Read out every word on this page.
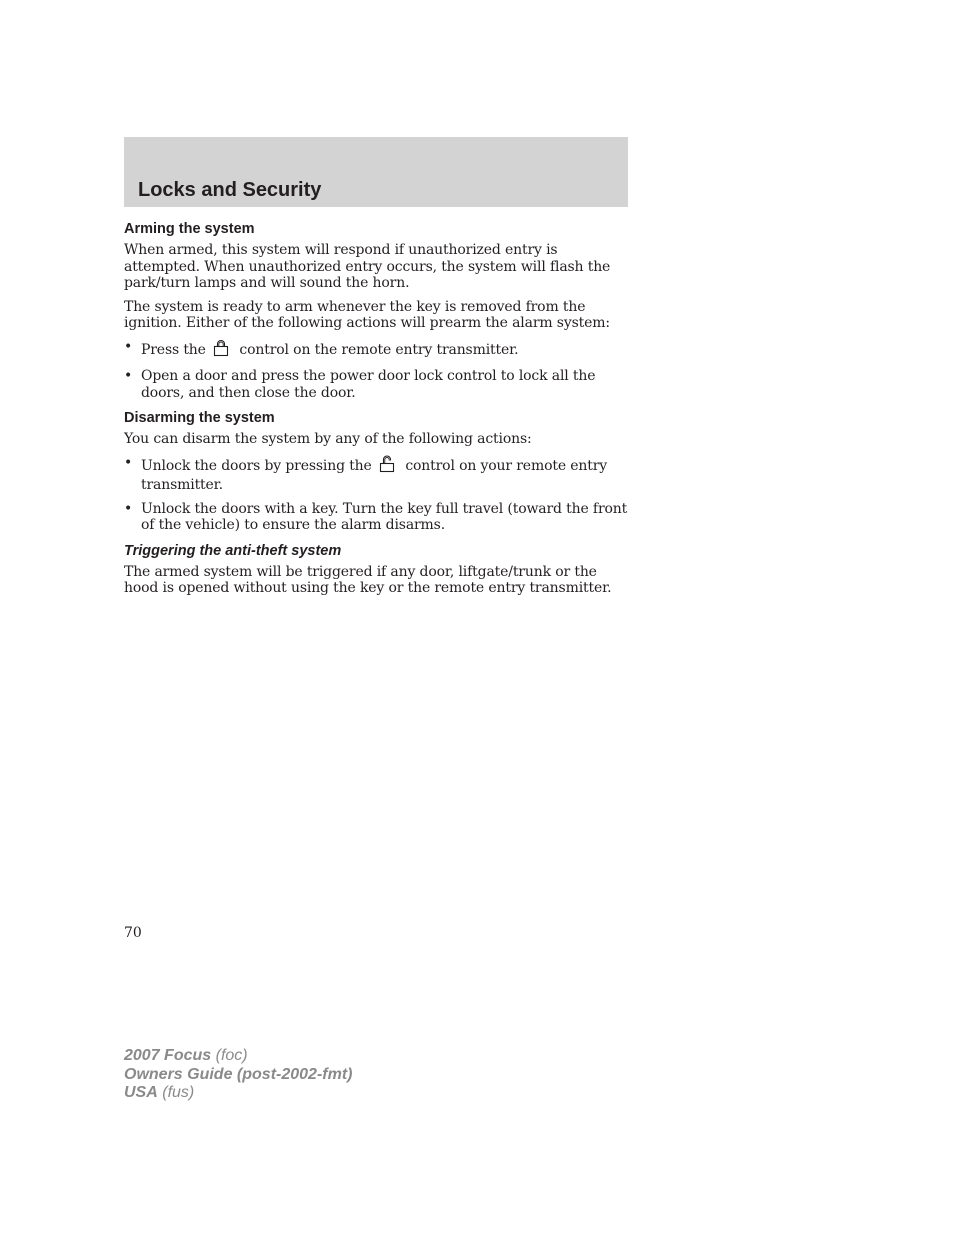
Locks and Security
Arming the system

When armed, this system will respond if unauthorized entry is attempted. When unauthorized entry occurs, the system will flash the park/turn lamps and will sound the horn.

The system is ready to arm whenever the key is removed from the ignition. Either of the following actions will prearm the alarm system:

• Press the control on the remote entry transmitter.
• Open a door and press the power door lock control to lock all the doors, and then close the door.
Disarming the system

You can disarm the system by any of the following actions:

• Unlock the doors by pressing the control on your remote entry transmitter.
• Unlock the doors with a key. Turn the key full travel (toward the front of the vehicle) to ensure the alarm disarms.
Triggering the anti-theft system

The armed system will be triggered if any door, liftgate/trunk or the hood is opened without using the key or the remote entry transmitter.

70
2007 Focus (foc)
Owners Guide (post-2002-fmt)
USA (fus)
